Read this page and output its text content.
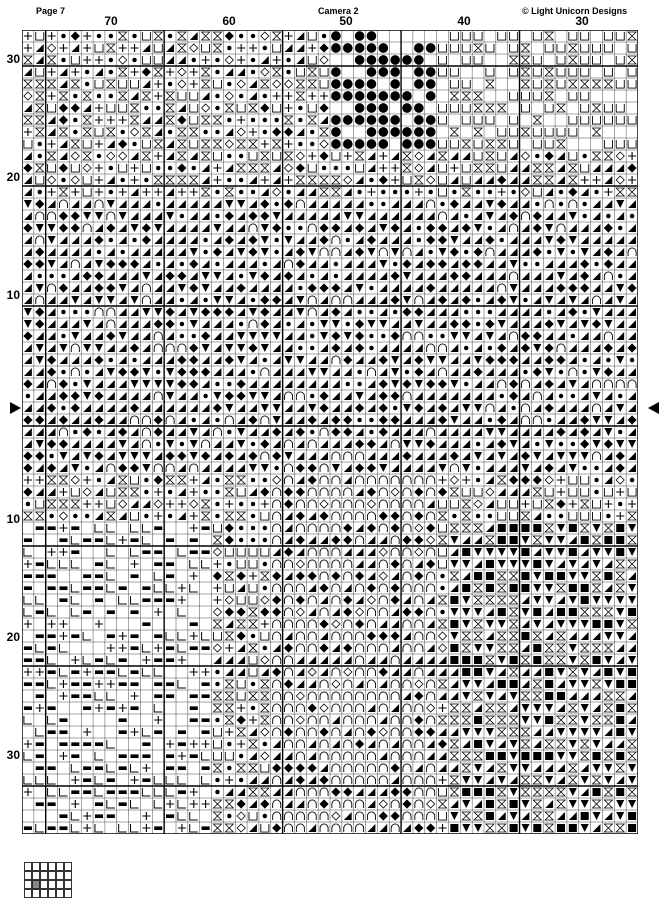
Page 7	Camera 2	© Light Unicorn Designs
70	60	50	40	30
30
20
10
10
20
30
